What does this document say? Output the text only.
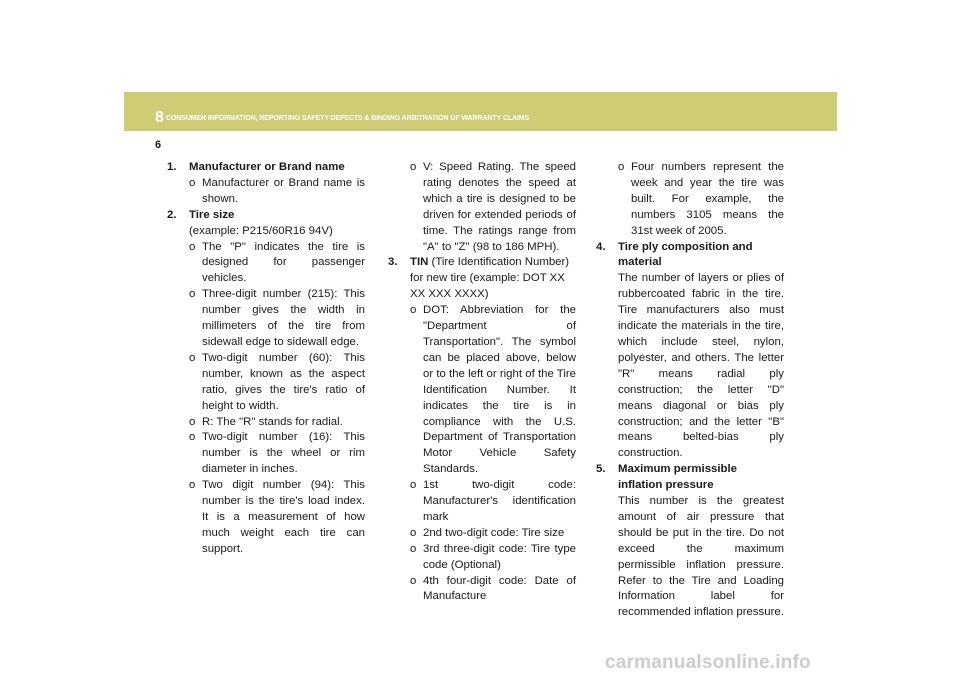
8 CONSUMER INFORMATION, REPORTING SAFETY DEFECTS & BINDING ARBITRATION OF WARRANTY CLAIMS
6

1. Manufacturer or Brand name

o Manufacturer or Brand name is shown.

2. Tire size

(example: P215/60R16 94V)

o The "P" indicates the tire is designed for passenger vehicles.

o Three-digit number (215): This number gives the width in millimeters of the tire from sidewall edge to sidewall edge.

o Two-digit number (60): This number, known as the aspect ratio, gives the tire's ratio of height to width.

o R: The "R" stands for radial.

o Two-digit number (16): This number is the wheel or rim diameter in inches.

o Two digit number (94): This number is the tire's load index. It is a measurement of how much weight each tire can support.

o V: Speed Rating. The speed rating denotes the speed at which a tire is designed to be driven for extended periods of time. The ratings range from "A" to "Z" (98 to 186 MPH).

3. TIN (Tire Identification Number) for new tire (example: DOT XX XX XXX XXXX)

o DOT: Abbreviation for the "Department of Transportation". The symbol can be placed above, below or to the left or right of the Tire Identification Number. It indicates the tire is in compliance with the U.S. Department of Transportation Motor Vehicle Safety Standards.

o 1st two-digit code: Manufacturer's identification mark

o 2nd two-digit code: Tire size

o 3rd three-digit code: Tire type code (Optional)

o 4th four-digit code: Date of Manufacture

o Four numbers represent the week and year the tire was built. For example, the numbers 3105 means the 31st week of 2005.

4. Tire ply composition and material

The number of layers or plies of rubbercoated fabric in the tire. Tire manufacturers also must indicate the materials in the tire, which include steel, nylon, polyester, and others. The letter "R" means radial ply construction; the letter "D" means diagonal or bias ply construction; and the letter "B" means belted-bias ply construction.

5. Maximum permissible inflation pressure

This number is the greatest amount of air pressure that should be put in the tire. Do not exceed the maximum permissible inflation pressure. Refer to the Tire and Loading Information label for recommended inflation pressure.

carmanualsonline.info
